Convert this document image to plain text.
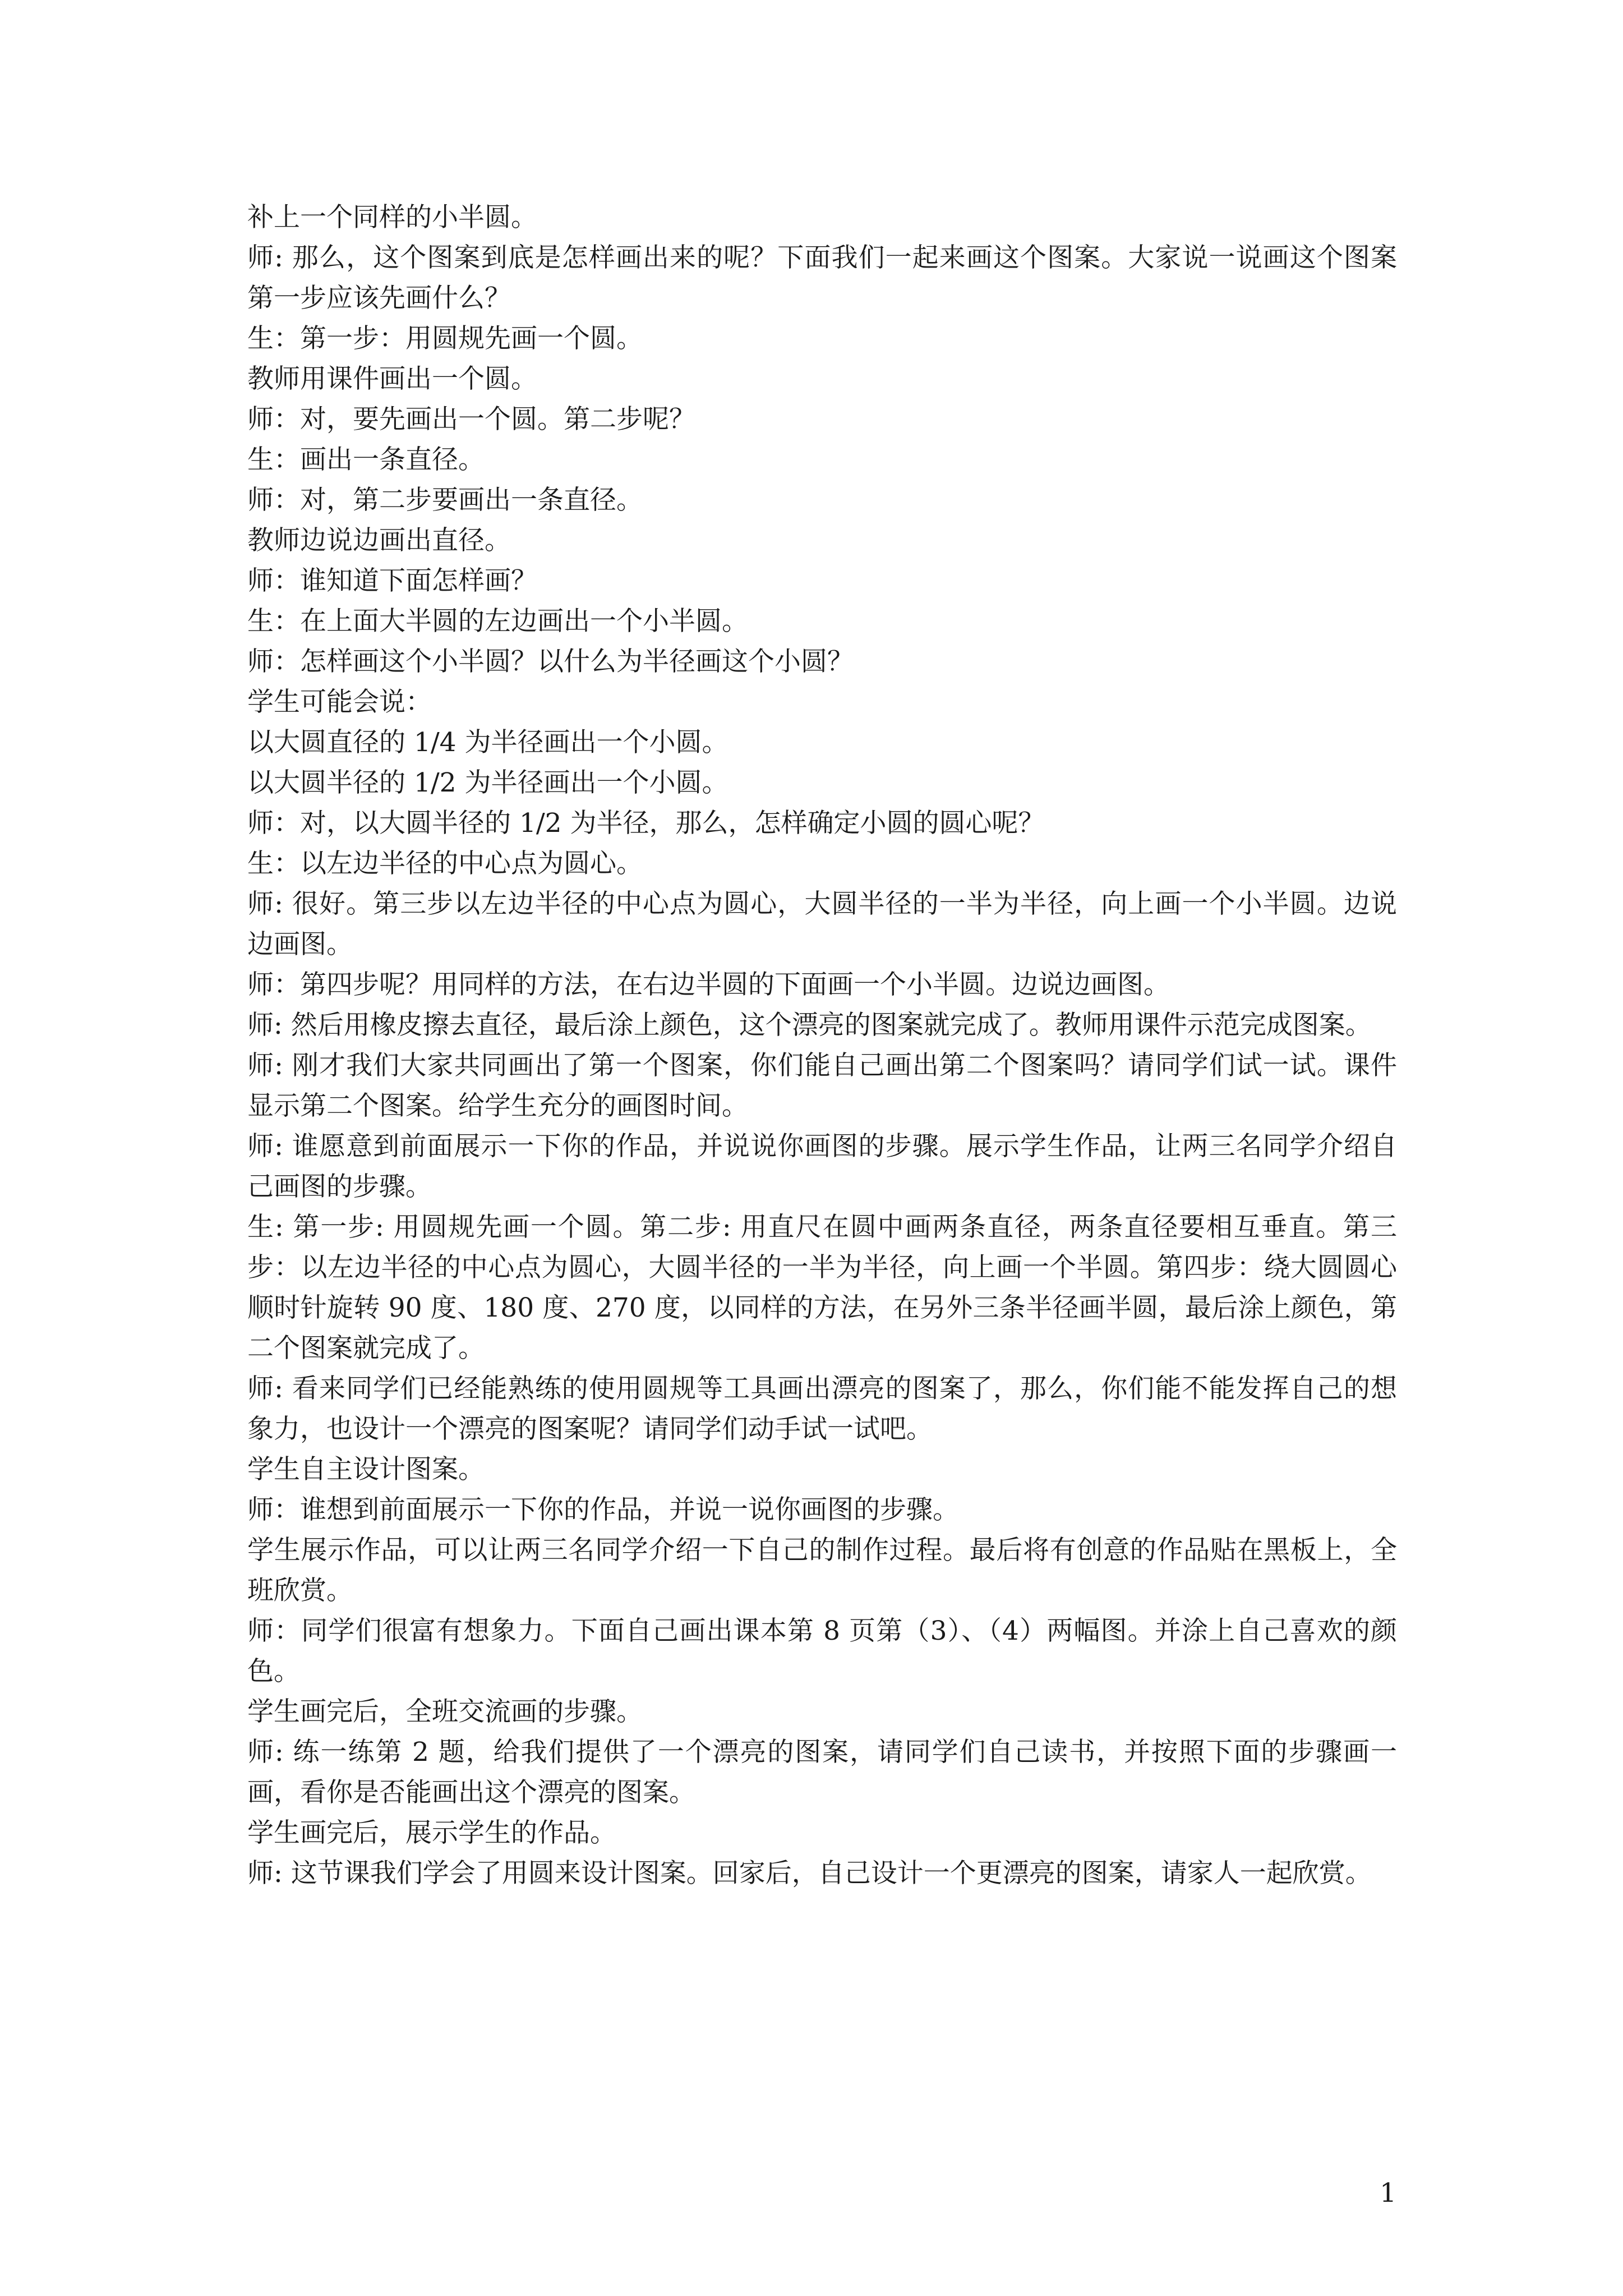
补上一个同样的小半圆。

师: 那么，这个图案到底是怎样画出来的呢？下面我们一起来画这个图案。大家说一说画这个图案第一步应该先画什么？

生：第一步：用圆规先画一个圆。

教师用课件画出一个圆。

师：对，要先画出一个圆。第二步呢？

生：画出一条直径。

师：对，第二步要画出一条直径。

教师边说边画出直径。

师：谁知道下面怎样画？

生：在上面大半圆的左边画出一个小半圆。

师：怎样画这个小半圆？以什么为半径画这个小圆？

学生可能会说：

以大圆直径的 1/4 为半径画出一个小圆。

以大圆半径的 1/2 为半径画出一个小圆。

师：对，以大圆半径的 1/2 为半径，那么，怎样确定小圆的圆心呢？

生：以左边半径的中心点为圆心。

师: 很好。第三步以左边半径的中心点为圆心，大圆半径的一半为半径，向上画一个小半圆。边说边画图。

师：第四步呢？用同样的方法，在右边半圆的下面画一个小半圆。边说边画图。

师: 然后用橡皮擦去直径，最后涂上颜色，这个漂亮的图案就完成了。教师用课件示范完成图案。

师: 刚才我们大家共同画出了第一个图案，你们能自己画出第二个图案吗？请同学们试一试。课件显示第二个图案。给学生充分的画图时间。

师: 谁愿意到前面展示一下你的作品，并说说你画图的步骤。展示学生作品，让两三名同学介绍自己画图的步骤。

生: 第一步: 用圆规先画一个圆。第二步: 用直尺在圆中画两条直径，两条直径要相互垂直。第三步：以左边半径的中心点为圆心，大圆半径的一半为半径，向上画一个半圆。第四步：绕大圆圆心顺时针旋转 90 度、180 度、270 度，以同样的方法，在另外三条半径画半圆，最后涂上颜色，第二个图案就完成了。

师: 看来同学们已经能熟练的使用圆规等工具画出漂亮的图案了，那么，你们能不能发挥自己的想象力，也设计一个漂亮的图案呢？请同学们动手试一试吧。

学生自主设计图案。

师：谁想到前面展示一下你的作品，并说一说你画图的步骤。

学生展示作品，可以让两三名同学介绍一下自己的制作过程。最后将有创意的作品贴在黑板上，全班欣赏。

师：同学们很富有想象力。下面自己画出课本第 8 页第（3）、（4）两幅图。并涂上自己喜欢的颜色。

学生画完后，全班交流画的步骤。

师: 练一练第 2 题，给我们提供了一个漂亮的图案，请同学们自己读书，并按照下面的步骤画一画，看你是否能画出这个漂亮的图案。

学生画完后，展示学生的作品。

师: 这节课我们学会了用圆来设计图案。回家后，自己设计一个更漂亮的图案，请家人一起欣赏。

1
